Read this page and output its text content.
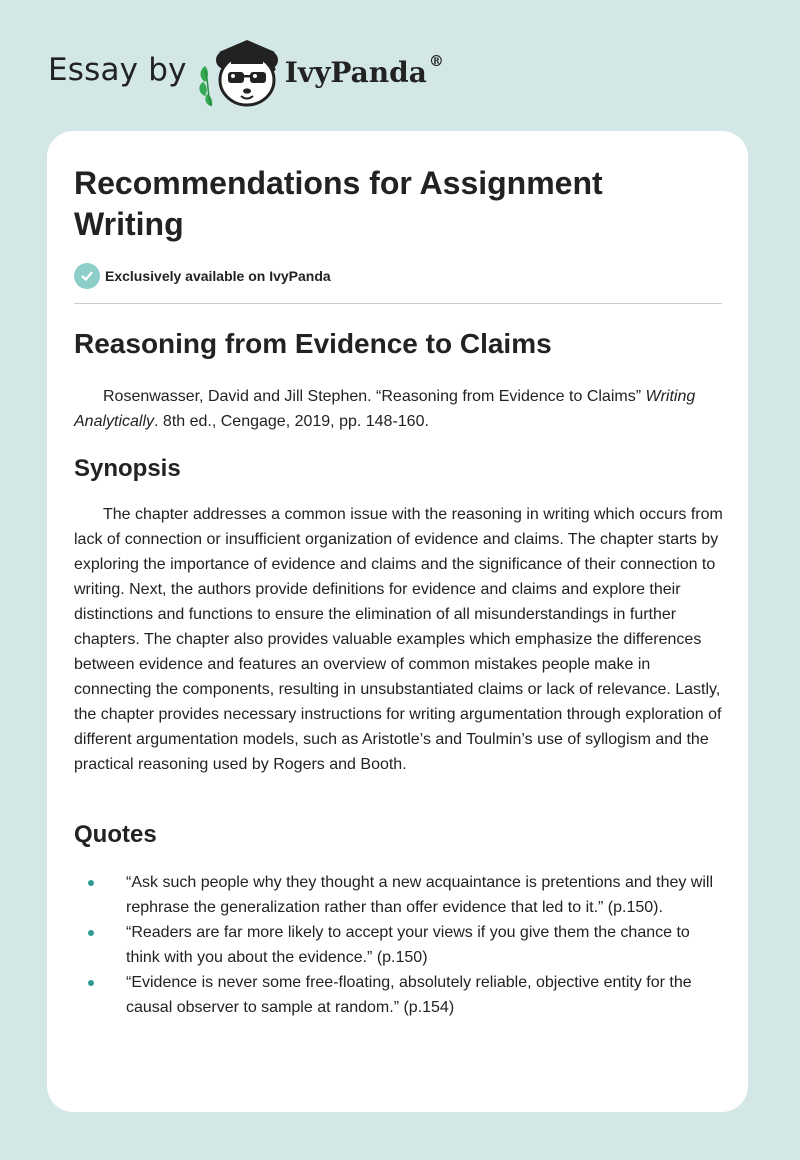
Essay by	IvyPanda ®
Recommendations for Assignment Writing
Exclusively available on IvyPanda
Reasoning from Evidence to Claims

Rosenwasser, David and Jill Stephen. “Reasoning from Evidence to Claims” Writing Analytically. 8th ed., Cengage, 2019, pp. 148-160.

Synopsis

The chapter addresses a common issue with the reasoning in writing which occurs from lack of connection or insufficient organization of evidence and claims. The chapter starts by exploring the importance of evidence and claims and the significance of their connection to writing. Next, the authors provide definitions for evidence and claims and explore their distinctions and functions to ensure the elimination of all misunderstandings in further chapters. The chapter also provides valuable examples which emphasize the differences between evidence and features an overview of common mistakes people make in connecting the components, resulting in unsubstantiated claims or lack of relevance. Lastly, the chapter provides necessary instructions for writing argumentation through exploration of different argumentation models, such as Aristotle’s and Toulmin’s use of syllogism and the practical reasoning used by Rogers and Booth.

Quotes
“Ask such people why they thought a new acquaintance is pretentions and they will rephrase the generalization rather than offer evidence that led to it.” (p.150).
“Readers are far more likely to accept your views if you give them the chance to think with you about the evidence.” (p.150)
“Evidence is never some free-floating, absolutely reliable, objective entity for the causal observer to sample at random.” (p.154)
